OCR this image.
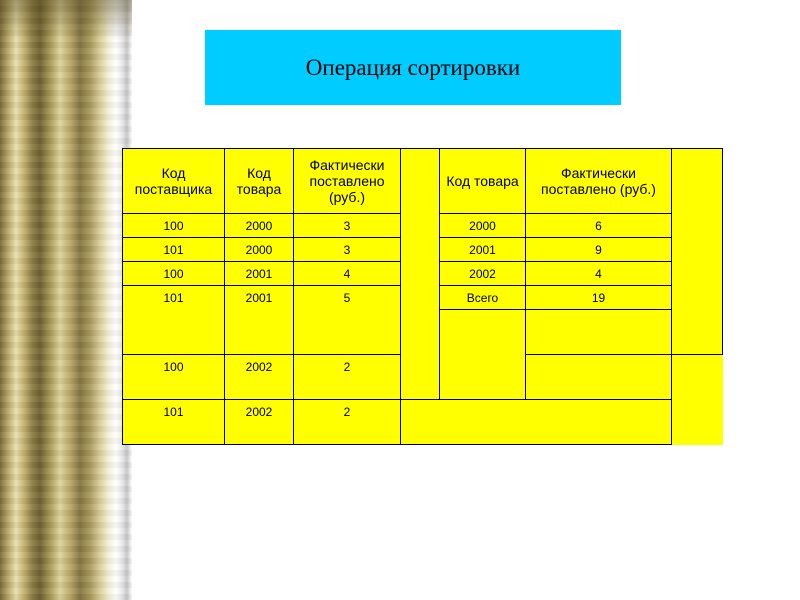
Операция сортировки
Код поставщика	Код товара	Фактически поставлено (руб.)		Код товара	Фактически поставлено (руб.)	
100	2000	3		2000	6	
101	2000	3		2001	9	
100	2001	4		2002	4	
101	2001	5		Всего	19	

100	2002	2				
101	2002	2				
